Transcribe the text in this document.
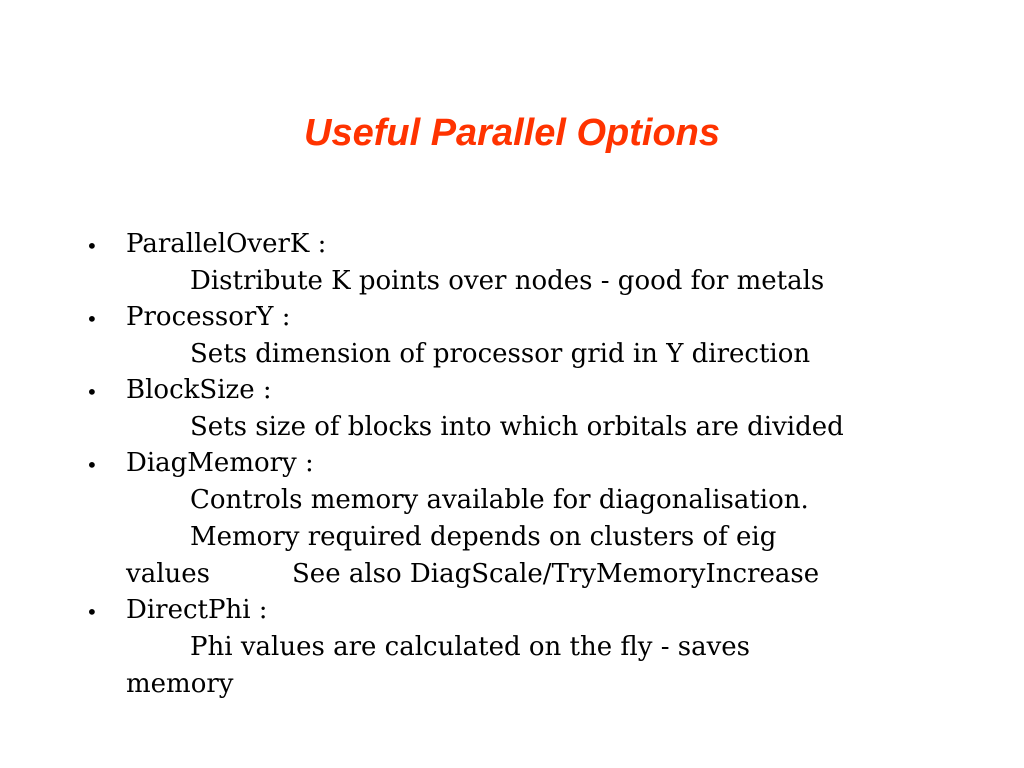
Useful Parallel Options
• ParallelOverK :
Distribute K points over nodes - good for metals
• ProcessorY :
Sets dimension of processor grid in Y direction
• BlockSize :
Sets size of blocks into which orbitals are divided
• DiagMemory :
Controls memory available for diagonalisation.
Memory required depends on clusters of eig
values	See also DiagScale/TryMemoryIncrease
• DirectPhi :
Phi values are calculated on the fly - saves
memory
